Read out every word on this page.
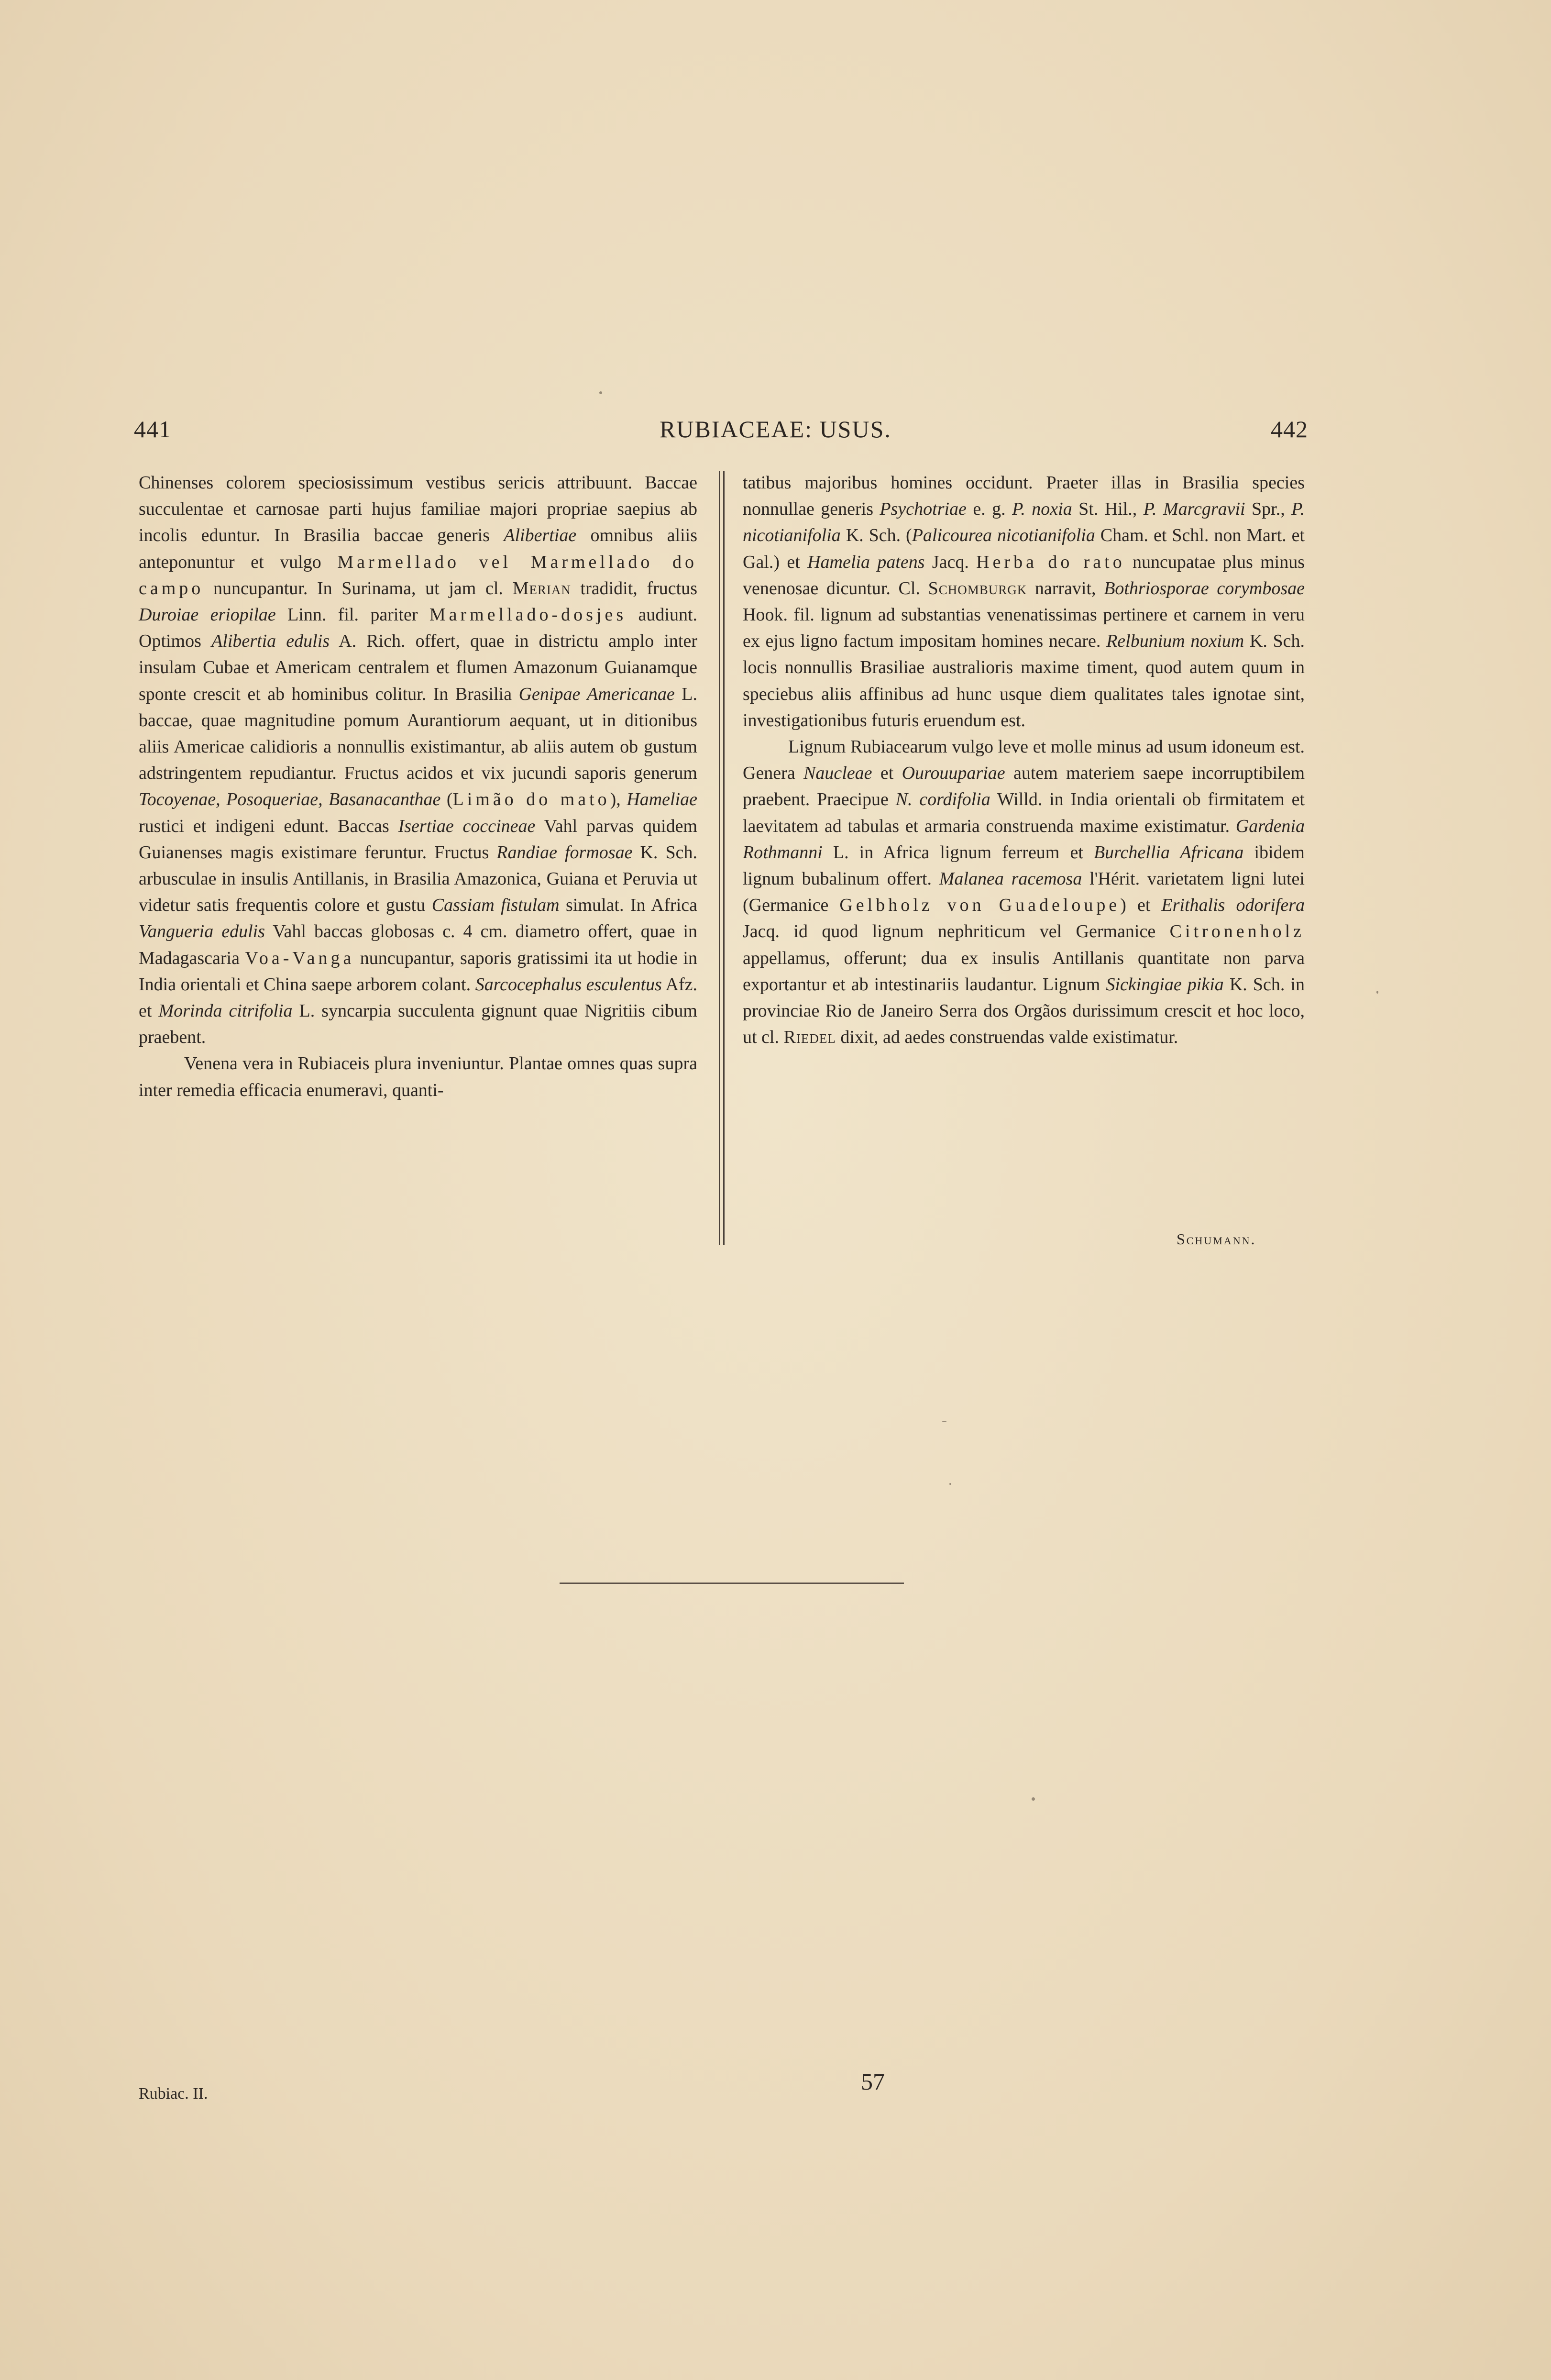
441	RUBIACEAE: USUS.	442

Chinenses colorem speciosissimum vestibus sericis attribuunt. Baccae succulentae et carnosae parti hujus familiae majori propriae saepius ab incolis eduntur. In Brasilia baccae generis Alibertiae omnibus aliis anteponuntur et vulgo Marmellado vel Marmellado do campo nuncupantur. In Surinama, ut jam cl. Merian tradidit, fructus Duroiae eriopilae Linn. fil. pariter Marmellado-dosjes audiunt. Optimos Alibertia edulis A. Rich. offert, quae in districtu amplo inter insulam Cubae et Americam centralem et flumen Amazonum Guianamque sponte crescit et ab hominibus colitur. In Brasilia Genipae Americanae L. baccae, quae magnitudine pomum Aurantiorum aequant, ut in ditionibus aliis Americae calidioris a nonnullis existimantur, ab aliis autem ob gustum adstringentem repudiantur. Fructus acidos et vix jucundi saporis generum Tocoyenae, Posoqueriae, Basanacanthae (Limão do mato), Hameliae rustici et indigeni edunt. Baccas Isertiae coccineae Vahl parvas quidem Guianenses magis existimare feruntur. Fructus Randiae formosae K. Sch. arbusculae in insulis Antillanis, in Brasilia Amazonica, Guiana et Peruvia ut videtur satis frequentis colore et gustu Cassiam fistulam simulat. In Africa Vangueria edulis Vahl baccas globosas c. 4 cm. diametro offert, quae in Madagascaria Voa-Vanga nuncupantur, saporis gratissimi ita ut hodie in India orientali et China saepe arborem colant. Sarcocephalus esculentus Afz. et Morinda citrifolia L. syncarpia succulenta gignunt quae Nigritiis cibum praebent.

Venena vera in Rubiaceis plura inveniuntur. Plantae omnes quas supra inter remedia efficacia enumeravi, quanti-

tatibus majoribus homines occidunt. Praeter illas in Brasilia species nonnullae generis Psychotriae e. g. P. noxia St. Hil., P. Marcgravii Spr., P. nicotianifolia K. Sch. (Palicourea nicotianifolia Cham. et Schl. non Mart. et Gal.) et Hamelia patens Jacq. Herba do rato nuncupatae plus minus venenosae dicuntur. Cl. Schomburgk narravit, Bothriosporae corymbosae Hook. fil. lignum ad substantias venenatissimas pertinere et carnem in veru ex ejus ligno factum impositam homines necare. Relbunium noxium K. Sch. locis nonnullis Brasiliae australioris maxime timent, quod autem quum in speciebus aliis affinibus ad hunc usque diem qualitates tales ignotae sint, investigationibus futuris eruendum est.

Lignum Rubiacearum vulgo leve et molle minus ad usum idoneum est. Genera Naucleae et Ourouupariae autem materiem saepe incorruptibilem praebent. Praecipue N. cordifolia Willd. in India orientali ob firmitatem et laevitatem ad tabulas et armaria construenda maxime existimatur. Gardenia Rothmanni L. in Africa lignum ferreum et Burchellia Africana ibidem lignum bubalinum offert. Malanea racemosa l'Hérit. varietatem ligni lutei (Germanice Gelbholz von Guadeloupe) et Erithalis odorifera Jacq. id quod lignum nephriticum vel Germanice Citronenholz appellamus, offerunt; dua ex insulis Antillanis quantitate non parva exportantur et ab intestinariis laudantur. Lignum Sickingiae pikia K. Sch. in provinciae Rio de Janeiro Serra dos Orgãos durissimum crescit et hoc loco, ut cl. Riedel dixit, ad aedes construendas valde existimatur.

Schumann.
Rubiac. II.	57
